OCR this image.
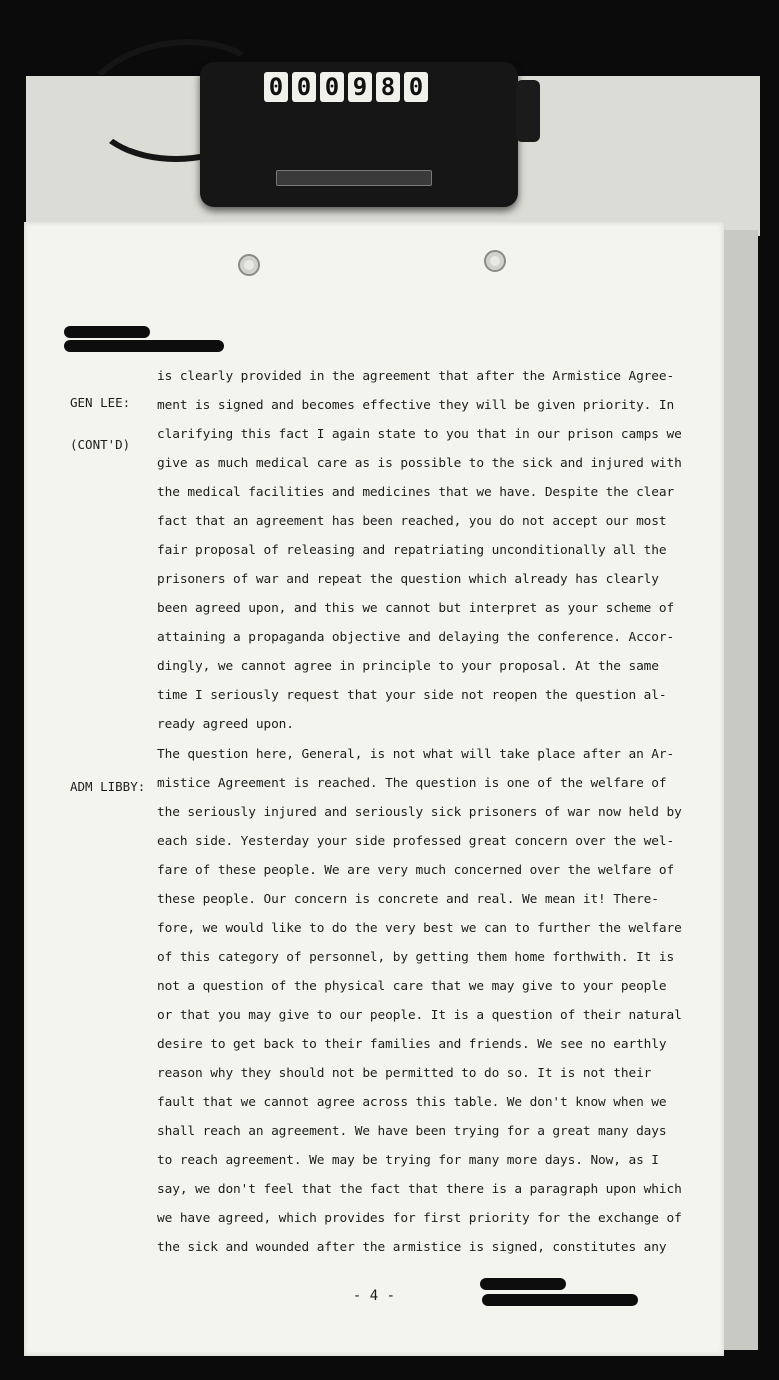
0 0 0 9 8 0

GEN LEE:

(CONT'D)

is clearly provided in the agreement that after the Armistice Agree-
ment is signed and becomes effective they will be given priority. In
clarifying this fact I again state to you that in our prison camps we
give as much medical care as is possible to the sick and injured with
the medical facilities and medicines that we have. Despite the clear
fact that an agreement has been reached, you do not accept our most
fair proposal of releasing and repatriating unconditionally all the
prisoners of war and repeat the question which already has clearly
been agreed upon, and this we cannot but interpret as your scheme of
attaining a propaganda objective and delaying the conference. Accor-
dingly, we cannot agree in principle to your proposal. At the same
time I seriously request that your side not reopen the question al-
ready agreed upon.

ADM LIBBY:

The question here, General, is not what will take place after an Ar-
mistice Agreement is reached. The question is one of the welfare of
the seriously injured and seriously sick prisoners of war now held by
each side. Yesterday your side professed great concern over the wel-
fare of these people. We are very much concerned over the welfare of
these people. Our concern is concrete and real. We mean it! There-
fore, we would like to do the very best we can to further the welfare
of this category of personnel, by getting them home forthwith. It is
not a question of the physical care that we may give to your people
or that you may give to our people. It is a question of their natural
desire to get back to their families and friends. We see no earthly
reason why they should not be permitted to do so. It is not their
fault that we cannot agree across this table. We don't know when we
shall reach an agreement. We have been trying for a great many days
to reach agreement. We may be trying for many more days. Now, as I
say, we don't feel that the fact that there is a paragraph upon which
we have agreed, which provides for first priority for the exchange of
the sick and wounded after the armistice is signed, constitutes any
- 4 -
